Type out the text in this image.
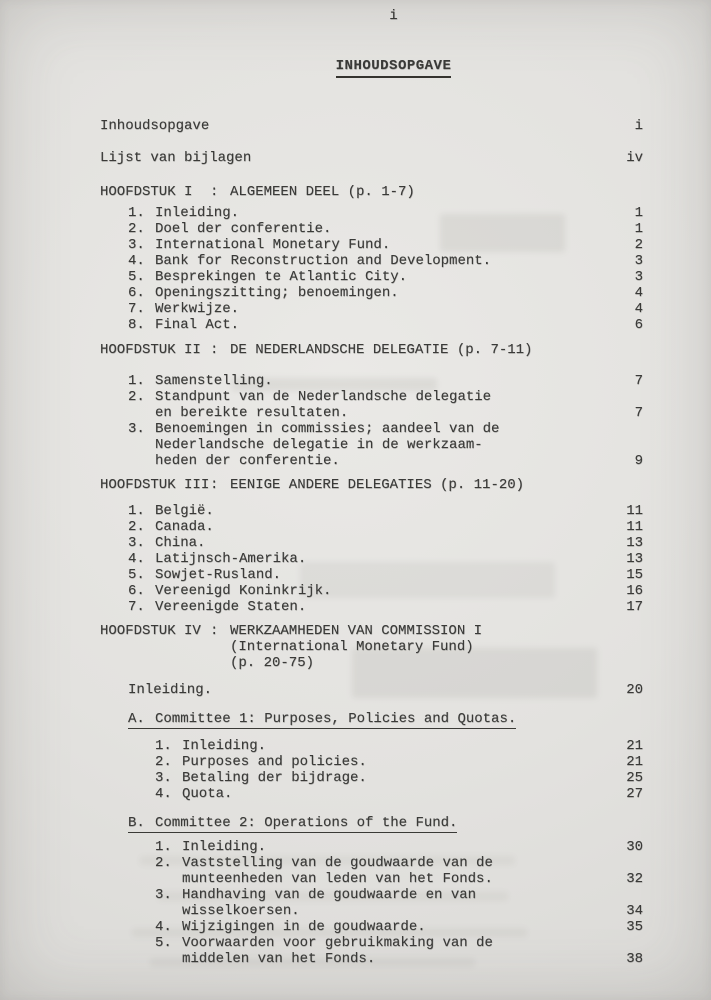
i
INHOUDSOPGAVE
Inhoudsopgave	i
Lijst van bijlagen	iv
HOOFDSTUK I	: ALGEMEEN DEEL (p. 1-7)
1. Inleiding.	1
2. Doel der conferentie.	1
3. International Monetary Fund.	2
4. Bank for Reconstruction and Development.	3
5. Besprekingen te Atlantic City.	3
6. Openingszitting; benoemingen.	4
7. Werkwijze.	4
8. Final Act.	6
HOOFDSTUK II : DE NEDERLANDSCHE DELEGATIE (p. 7-11)
1. Samenstelling.	7
2. Standpunt van de Nederlandsche delegatie
en bereikte resultaten.	7
3. Benoemingen in commissies; aandeel van de
Nederlandsche delegatie in de werkzaam-
heden der conferentie.	9
HOOFDSTUK III : EENIGE ANDERE DELEGATIES (p. 11-20)
1. België.	11
2. Canada.	11
3. China.	13
4. Latijnsch-Amerika.	13
5. Sowjet-Rusland.	15
6. Vereenigd Koninkrijk.	16
7. Vereenigde Staten.	17
HOOFDSTUK IV : WERKZAAMHEDEN VAN COMMISSION I
(International Monetary Fund)
(p. 20-75)
Inleiding.	20
A. Committee 1: Purposes, Policies and Quotas.
1. Inleiding.	21
2. Purposes and policies.	21
3. Betaling der bijdrage.	25
4. Quota.	27
B. Committee 2: Operations of the Fund.
1. Inleiding.	30
2. Vaststelling van de goudwaarde van de
munteenheden van leden van het Fonds.	32
3. Handhaving van de goudwaarde en van
wisselkoersen.	34
4. Wijzigingen in de goudwaarde.	35
5. Voorwaarden voor gebruikmaking van de
middelen van het Fonds.	38
